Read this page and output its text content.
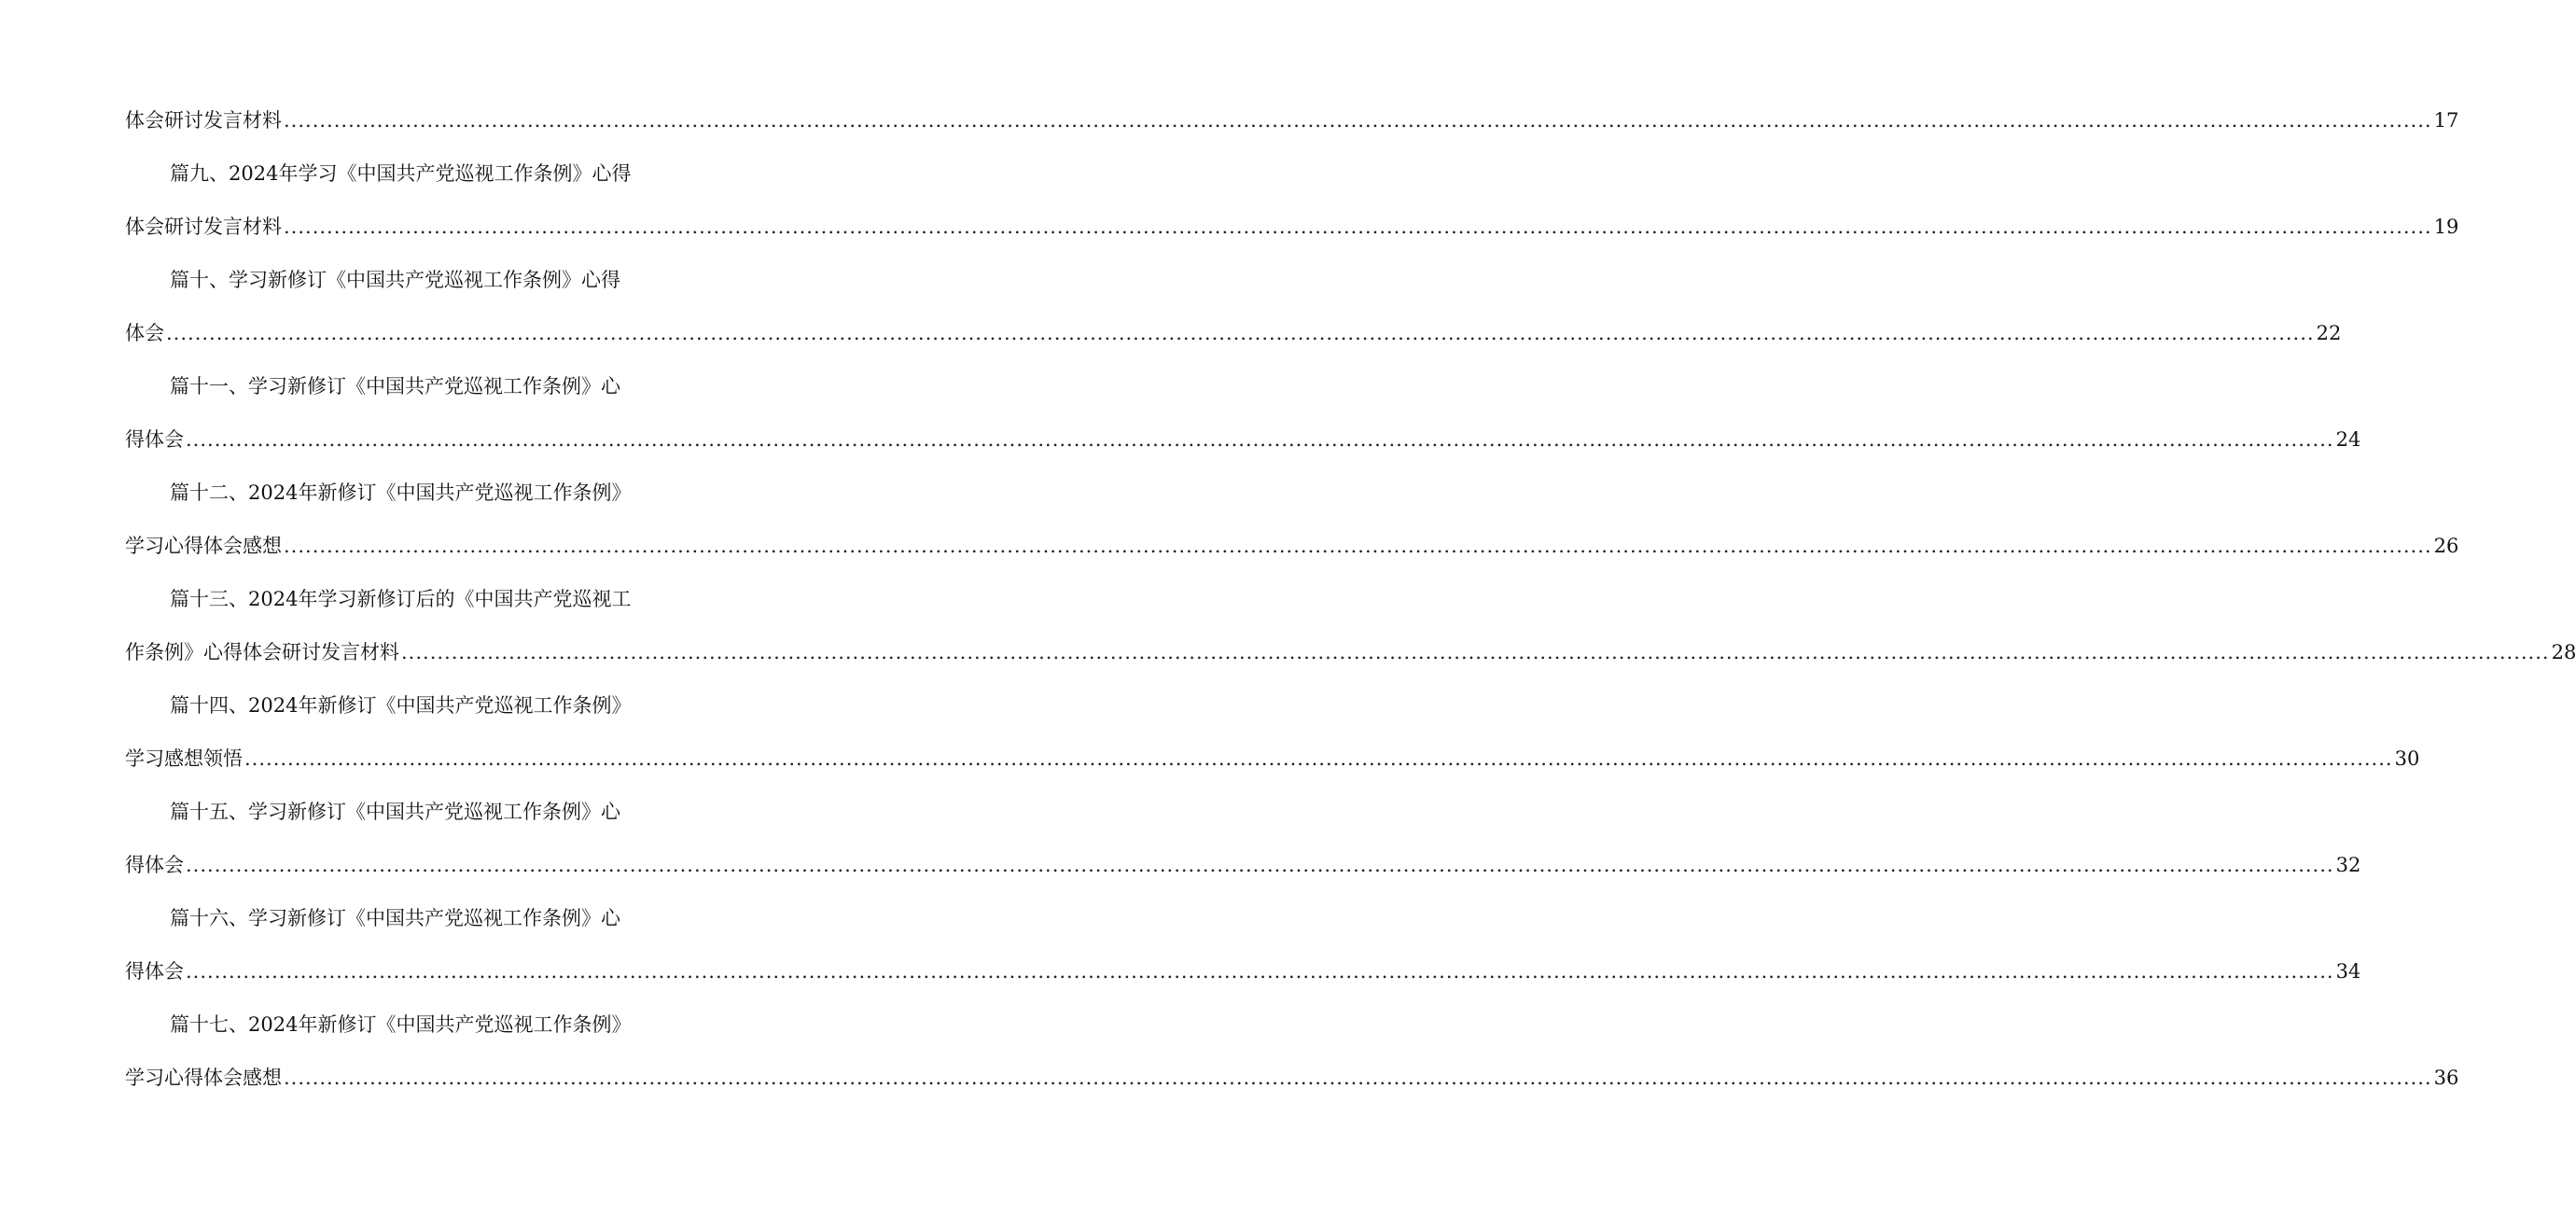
体会研讨发言材料 ............................................................................................................................................................................................................................................................................................................ 17
篇九、2024年学习《中国共产党巡视工作条例》心得
体会研讨发言材料 ............................................................................................................................................................................................................................................................................................................ 19
篇十、学习新修订《中国共产党巡视工作条例》心得
体会 ............................................................................................................................................................................................................................................................................................................ 22
篇十一、学习新修订《中国共产党巡视工作条例》心
得体会 ............................................................................................................................................................................................................................................................................................................ 24
篇十二、2024年新修订《中国共产党巡视工作条例》
学习心得体会感想 ............................................................................................................................................................................................................................................................................................................ 26
篇十三、2024年学习新修订后的《中国共产党巡视工
作条例》心得体会研讨发言材料 ............................................................................................................................................................................................................................................................................................................ 28
篇十四、2024年新修订《中国共产党巡视工作条例》
学习感想领悟 ............................................................................................................................................................................................................................................................................................................ 30
篇十五、学习新修订《中国共产党巡视工作条例》心
得体会 ............................................................................................................................................................................................................................................................................................................ 32
篇十六、学习新修订《中国共产党巡视工作条例》心
得体会 ............................................................................................................................................................................................................................................................................................................ 34
篇十七、2024年新修订《中国共产党巡视工作条例》
学习心得体会感想 ............................................................................................................................................................................................................................................................................................................ 36
